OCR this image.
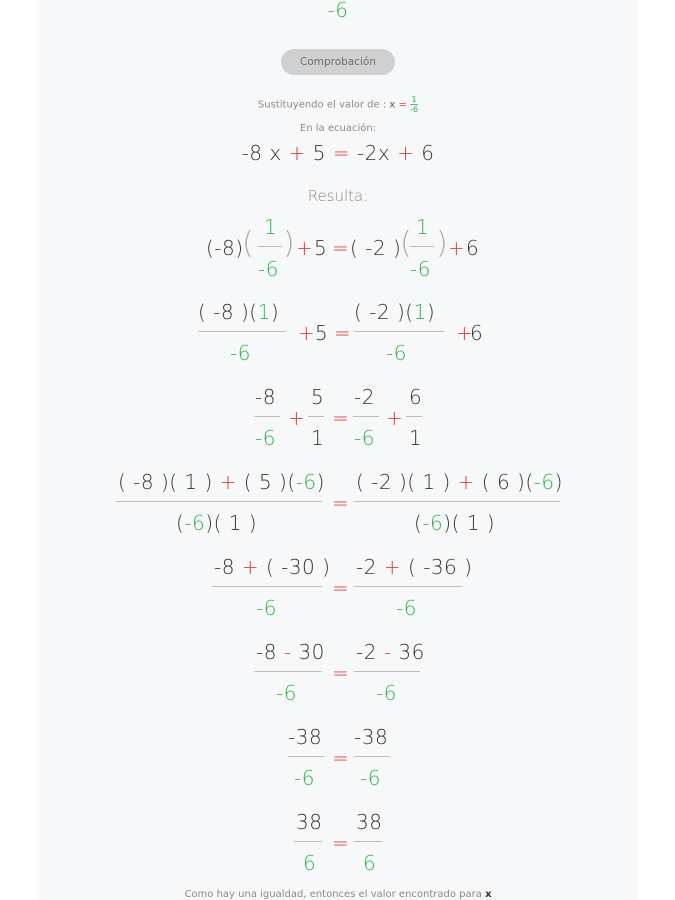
-6
Comprobación
Sustituyendo el valor de : $x = \frac{1}{-6}$
En la ecuación:
-8 x + 5 = -2x + 6
Resulta:
(-8)
( 1
-6
) + 5 = ( -2 )
( 1
-6
) + 6
( -8 )(1)
-6
+ 5 =
( -2 )(1)
-6
+
6
-8
-6
+
5
1
=
-2
-6
+
6
1
( -8 )( 1 ) + ( 5 )(-6)
(-6)( 1 )
=
( -2 )( 1 ) + ( 6 )(-6)
(-6)( 1 )
-8 + ( -30 )
-6
=
-2 + ( -36 )
-6
-8 - 30
-6
=
-2 - 36
-6
-38
-6
=
-38
-6
38
6
=
38
6
Como hay una igualdad, entonces el valor encontrado para x
